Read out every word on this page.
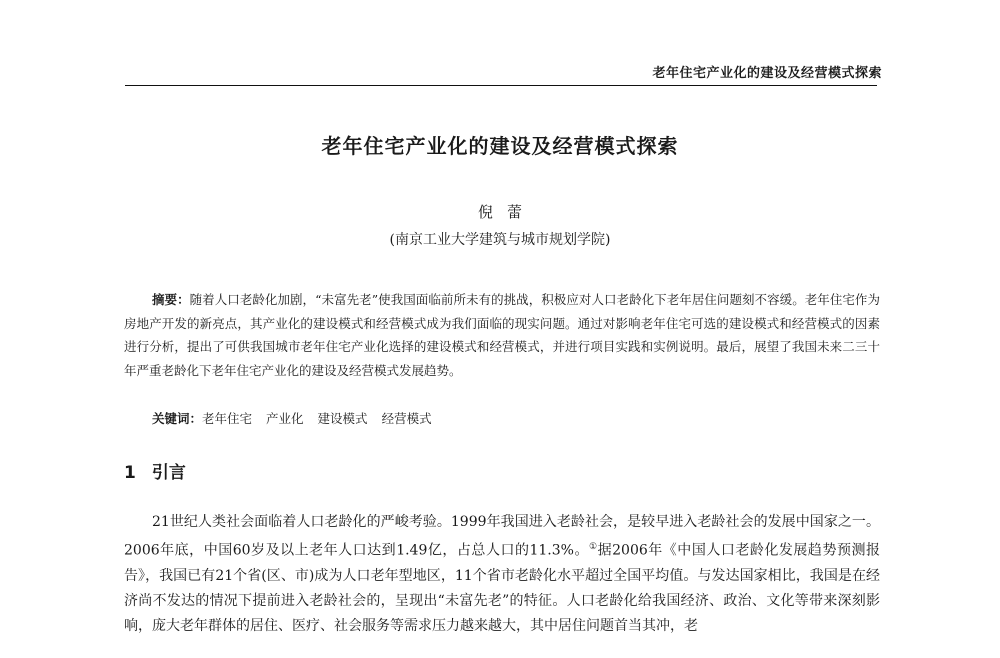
老年住宅产业化的建设及经营模式探索
老年住宅产业化的建设及经营模式探索
倪蕾
(南京工业大学建筑与城市规划学院)
摘要：随着人口老龄化加剧，“未富先老”使我国面临前所未有的挑战，积极应对人口老龄化下老年居住问题刻不容缓。老年住宅作为房地产开发的新亮点，其产业化的建设模式和经营模式成为我们面临的现实问题。通过对影响老年住宅可选的建设模式和经营模式的因素进行分析，提出了可供我国城市老年住宅产业化选择的建设模式和经营模式，并进行项目实践和实例说明。最后，展望了我国未来二三十年严重老龄化下老年住宅产业化的建设及经营模式发展趋势。
关键词：老年住宅 产业化 建设模式 经营模式
1 引言
21世纪人类社会面临着人口老龄化的严峻考验。1999年我国进入老龄社会，是较早进入老龄社会的发展中国家之一。2006年底，中国60岁及以上老年人口达到1.49亿，占总人口的11.3%。①据2006年《中国人口老龄化发展趋势预测报告》，我国已有21个省(区、市)成为人口老年型地区，11个省市老龄化水平超过全国平均值。与发达国家相比，我国是在经济尚不发达的情况下提前进入老龄社会的，呈现出“未富先老”的特征。人口老龄化给我国经济、政治、文化等带来深刻影响，庞大老年群体的居住、医疗、社会服务等需求压力越来越大，其中居住问题首当其冲，老
